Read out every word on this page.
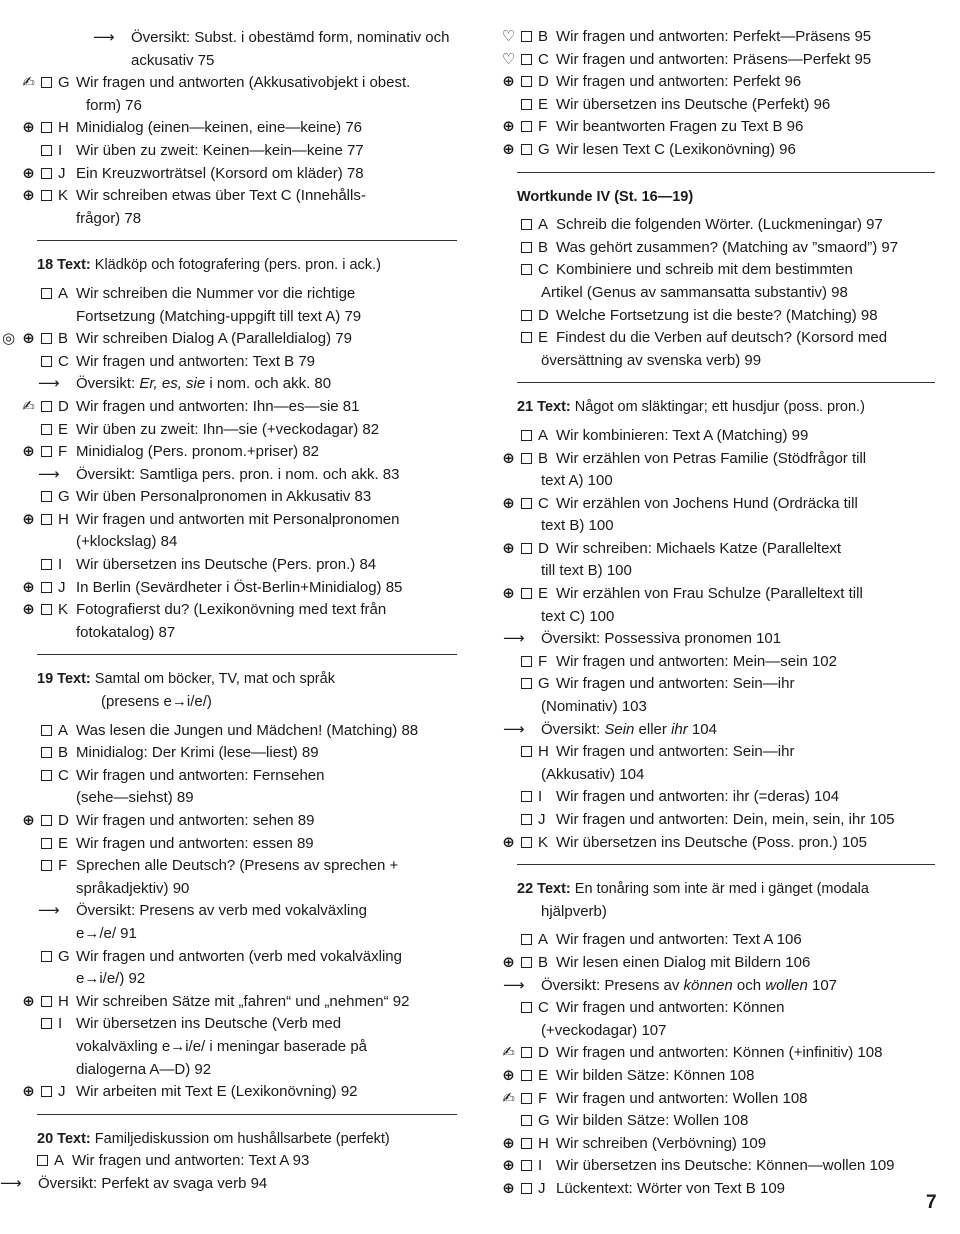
⟶ Översikt: Subst. i obestämd form, nominativ och
ackusativ 75
✍ G Wir fragen und antworten (Akkusativobjekt i obest.
form) 76
⊕ H Minidialog (einen—keinen, eine—keine) 76
I Wir üben zu zweit: Keinen—kein—keine 77
⊕ J Ein Kreuzworträtsel (Korsord om kläder) 78
⊕ K Wir schreiben etwas über Text C (Innehålls-
frågor) 78
18 Text: Klädköp och fotografering (pers. pron. i ack.)
A Wir schreiben die Nummer vor die richtige
Fortsetzung (Matching-uppgift till text A) 79
⊕
◎	B Wir schreiben Dialog A (Paralleldialog) 79
C Wir fragen und antworten: Text B 79
⟶ Översikt: Er, es, sie i nom. och akk. 80
✍ D Wir fragen und antworten: Ihn—es—sie 81
E Wir üben zu zweit: Ihn—sie (+veckodagar) 82
⊕ F Minidialog (Pers. pronom.+priser) 82
⟶ Översikt: Samtliga pers. pron. i nom. och akk. 83
G Wir üben Personalpronomen in Akkusativ 83
⊕ H Wir fragen und antworten mit Personalpronomen
(+klockslag) 84
I Wir übersetzen ins Deutsche (Pers. pron.) 84
⊕ J In Berlin (Sevärdheter i Öst-Berlin+Minidialog) 85
⊕ K Fotografierst du? (Lexikonövning med text från
fotokatalog) 87
19 Text: Samtal om böcker, TV, mat och språk
(presens e→i/e/)
A Was lesen die Jungen und Mädchen! (Matching) 88
B Minidialog: Der Krimi (lese—liest) 89
C Wir fragen und antworten: Fernsehen
(sehe—siehst) 89
⊕ D Wir fragen und antworten: sehen 89
E Wir fragen und antworten: essen 89
F Sprechen alle Deutsch? (Presens av sprechen +
språkadjektiv) 90
⟶ Översikt: Presens av verb med vokalväxling
e→/e/ 91
G Wir fragen und antworten (verb med vokalväxling
e→i/e/) 92
⊕ H Wir schreiben Sätze mit „fahren“ und „nehmen“ 92
I Wir übersetzen ins Deutsche (Verb med
vokalväxling e→i/e/ i meningar baserade på
dialogerna A—D) 92
⊕ J Wir arbeiten mit Text E (Lexikonövning) 92
20 Text: Familjediskussion om hushållsarbete (perfekt)
A Wir fragen und antworten: Text A 93
⟶ Översikt: Perfekt av svaga verb 94
♡ B Wir fragen und antworten: Perfekt—Präsens 95
♡ C Wir fragen und antworten: Präsens—Perfekt 95
⊕ D Wir fragen und antworten: Perfekt 96
E Wir übersetzen ins Deutsche (Perfekt) 96
⊕ F Wir beantworten Fragen zu Text B 96
⊕ G Wir lesen Text C (Lexikonövning) 96
Wortkunde IV (St. 16—19)
A Schreib die folgenden Wörter. (Luckmeningar) 97
B Was gehört zusammen? (Matching av ”smaord”) 97
C Kombiniere und schreib mit dem bestimmten
Artikel (Genus av sammansatta substantiv) 98
D Welche Fortsetzung ist die beste? (Matching) 98
E Findest du die Verben auf deutsch? (Korsord med
översättning av svenska verb) 99
21 Text: Något om släktingar; ett husdjur (poss. pron.)
A Wir kombinieren: Text A (Matching) 99
⊕ B Wir erzählen von Petras Familie (Stödfrågor till
text A) 100
⊕ C Wir erzählen von Jochens Hund (Ordräcka till
text B) 100
⊕ D Wir schreiben: Michaels Katze (Paralleltext
till text B) 100
⊕ E Wir erzählen von Frau Schulze (Paralleltext till
text C) 100
⟶ Översikt: Possessiva pronomen 101
F Wir fragen und antworten: Mein—sein 102
G Wir fragen und antworten: Sein—ihr
(Nominativ) 103
⟶ Översikt: Sein eller ihr 104
H Wir fragen und antworten: Sein—ihr
(Akkusativ) 104
I Wir fragen und antworten: ihr (=deras) 104
J Wir fragen und antworten: Dein, mein, sein, ihr 105
⊕ K Wir übersetzen ins Deutsche (Poss. pron.) 105
22 Text: En tonåring som inte är med i gänget (modala
hjälpverb)
A Wir fragen und antworten: Text A 106
⊕ B Wir lesen einen Dialog mit Bildern 106
⟶ Översikt: Presens av können och wollen 107
C Wir fragen und antworten: Können
(+veckodagar) 107
✍ D Wir fragen und antworten: Können (+infinitiv) 108
⊕ E Wir bilden Sätze: Können 108
✍ F Wir fragen und antworten: Wollen 108
G Wir bilden Sätze: Wollen 108
⊕ H Wir schreiben (Verbövning) 109
⊕ I Wir übersetzen ins Deutsche: Können—wollen 109
⊕ J Lückentext: Wörter von Text B 109
7
